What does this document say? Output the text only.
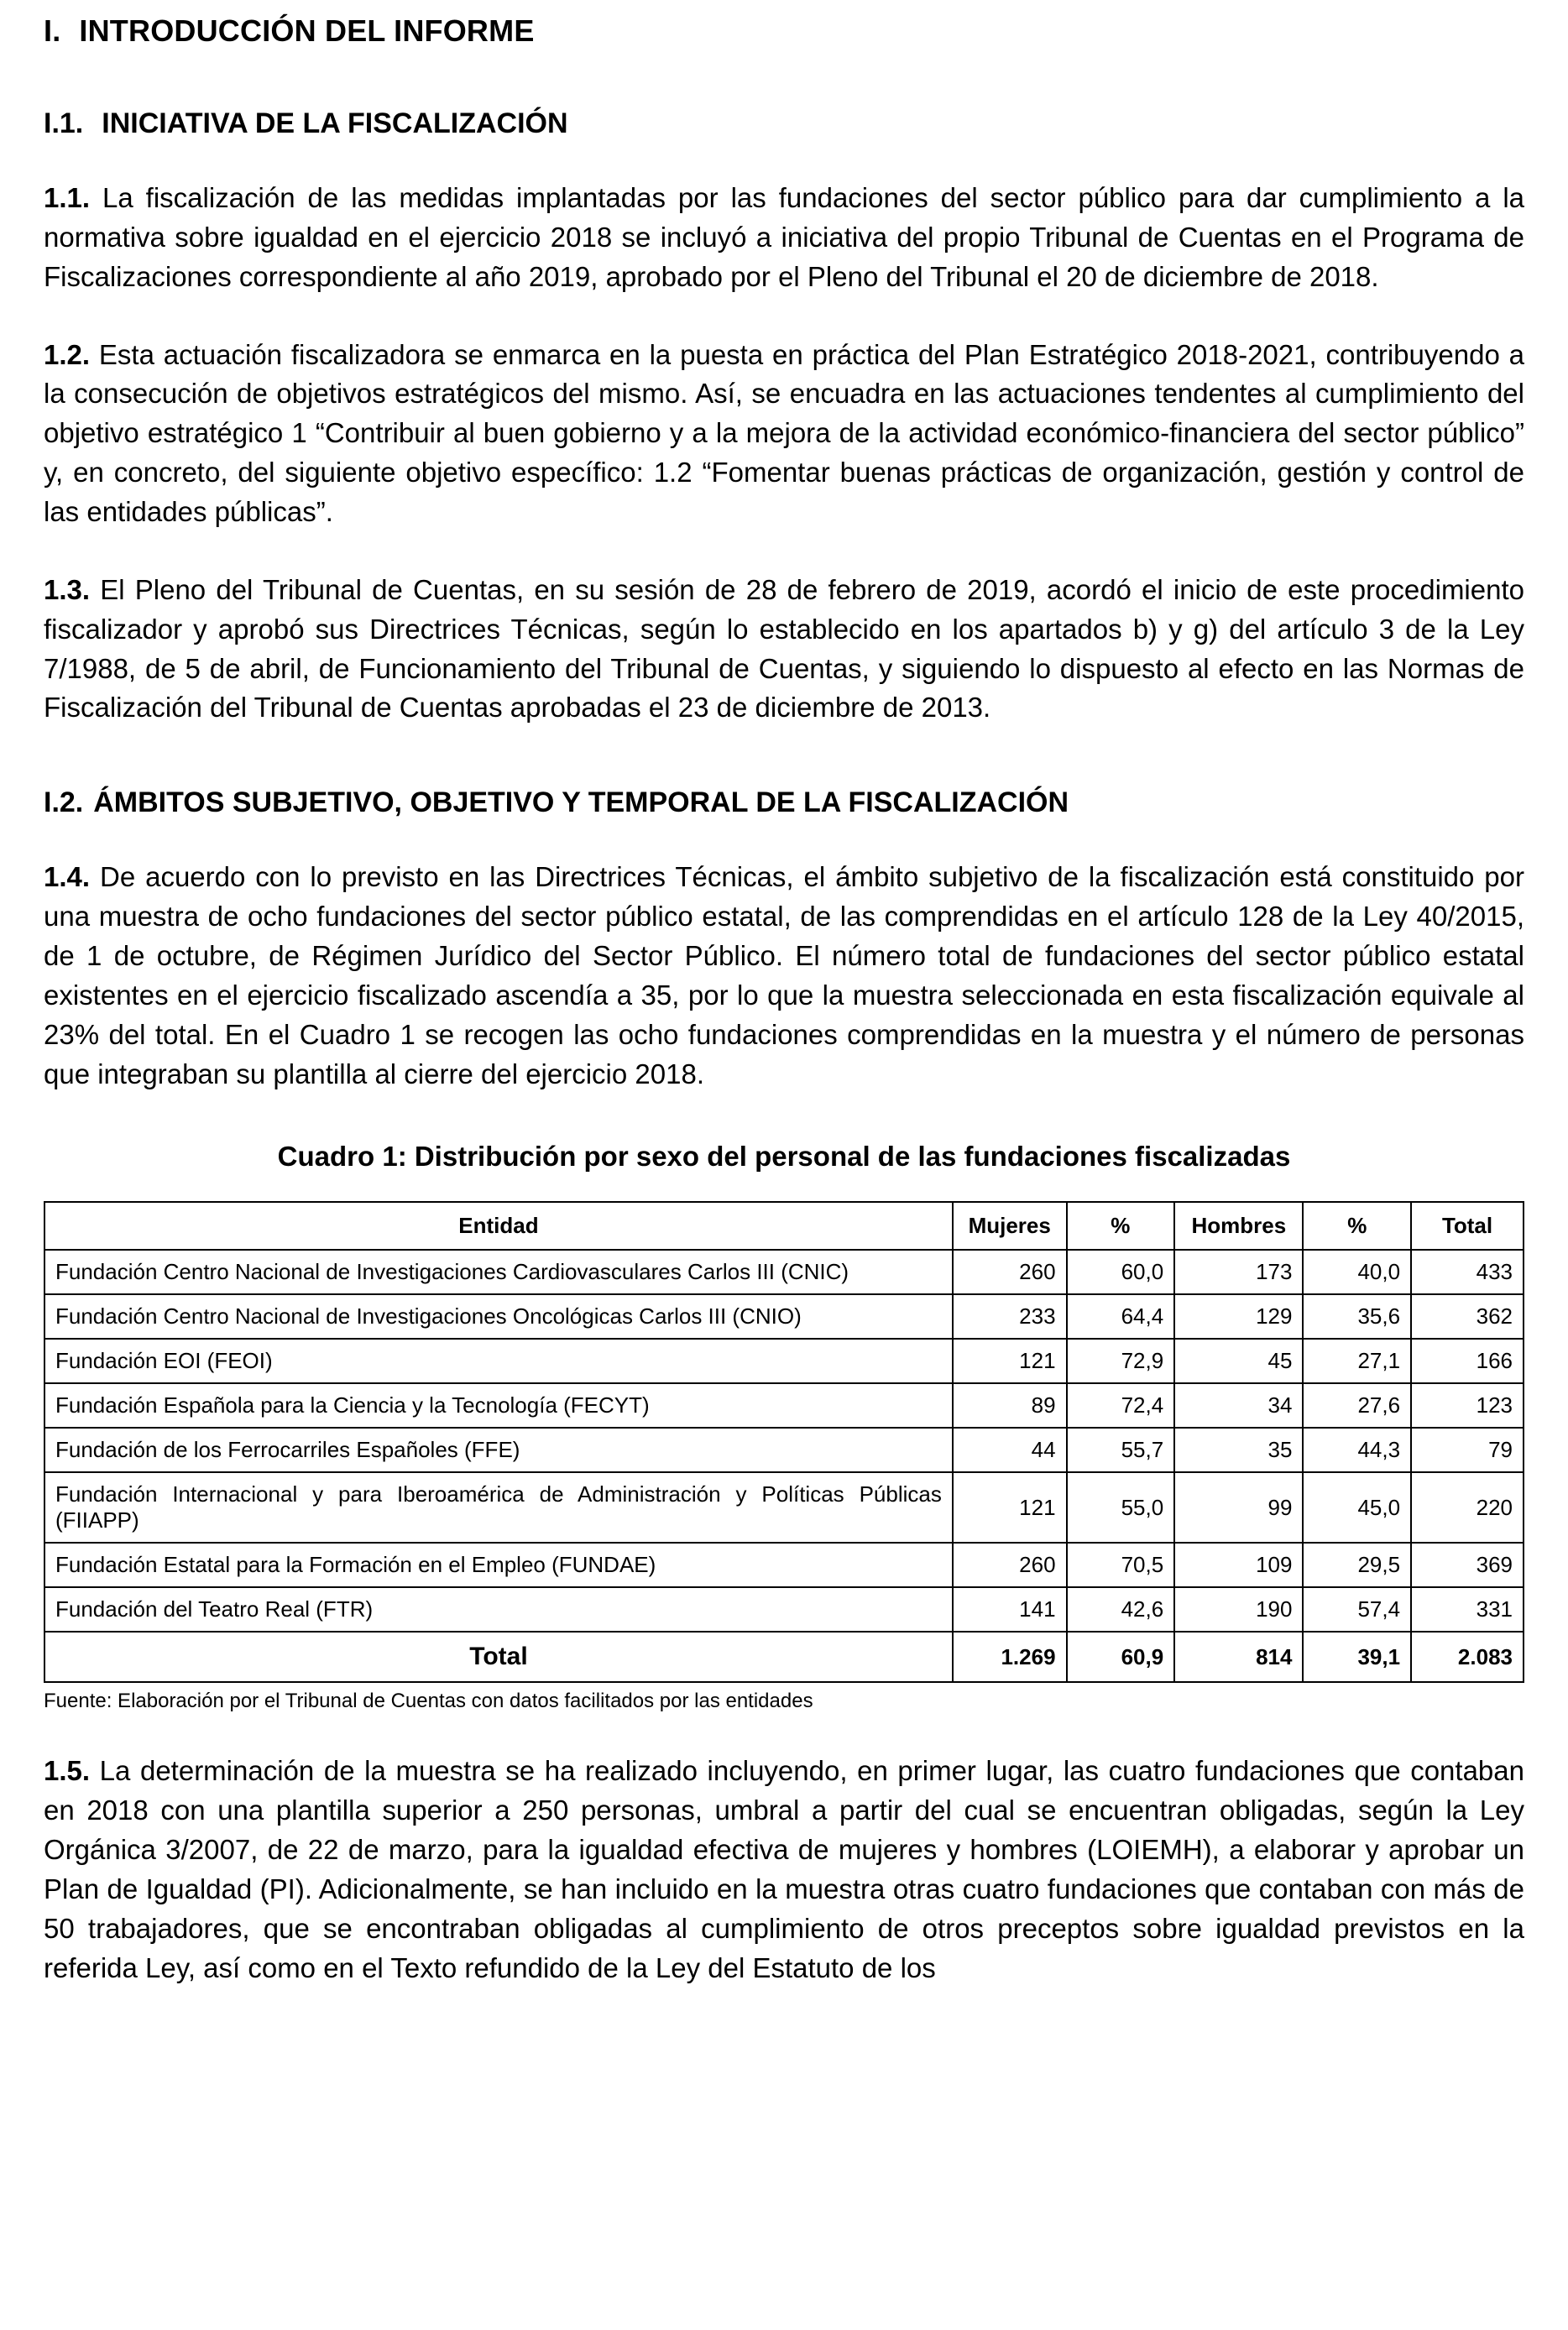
I. INTRODUCCIÓN DEL INFORME
I.1. INICIATIVA DE LA FISCALIZACIÓN

1.1. La fiscalización de las medidas implantadas por las fundaciones del sector público para dar cumplimiento a la normativa sobre igualdad en el ejercicio 2018 se incluyó a iniciativa del propio Tribunal de Cuentas en el Programa de Fiscalizaciones correspondiente al año 2019, aprobado por el Pleno del Tribunal el 20 de diciembre de 2018.

1.2. Esta actuación fiscalizadora se enmarca en la puesta en práctica del Plan Estratégico 2018-2021, contribuyendo a la consecución de objetivos estratégicos del mismo. Así, se encuadra en las actuaciones tendentes al cumplimiento del objetivo estratégico 1 “Contribuir al buen gobierno y a la mejora de la actividad económico-financiera del sector público” y, en concreto, del siguiente objetivo específico: 1.2 “Fomentar buenas prácticas de organización, gestión y control de las entidades públicas”.

1.3. El Pleno del Tribunal de Cuentas, en su sesión de 28 de febrero de 2019, acordó el inicio de este procedimiento fiscalizador y aprobó sus Directrices Técnicas, según lo establecido en los apartados b) y g) del artículo 3 de la Ley 7/1988, de 5 de abril, de Funcionamiento del Tribunal de Cuentas, y siguiendo lo dispuesto al efecto en las Normas de Fiscalización del Tribunal de Cuentas aprobadas el 23 de diciembre de 2013.

I.2. ÁMBITOS SUBJETIVO, OBJETIVO Y TEMPORAL DE LA FISCALIZACIÓN

1.4. De acuerdo con lo previsto en las Directrices Técnicas, el ámbito subjetivo de la fiscalización está constituido por una muestra de ocho fundaciones del sector público estatal, de las comprendidas en el artículo 128 de la Ley 40/2015, de 1 de octubre, de Régimen Jurídico del Sector Público. El número total de fundaciones del sector público estatal existentes en el ejercicio fiscalizado ascendía a 35, por lo que la muestra seleccionada en esta fiscalización equivale al 23% del total. En el Cuadro 1 se recogen las ocho fundaciones comprendidas en la muestra y el número de personas que integraban su plantilla al cierre del ejercicio 2018.

Cuadro 1: Distribución por sexo del personal de las fundaciones fiscalizadas
Entidad	Mujeres	%	Hombres	%	Total
Fundación Centro Nacional de Investigaciones Cardiovasculares Carlos III (CNIC)	260	60,0	173	40,0	433
Fundación Centro Nacional de Investigaciones Oncológicas Carlos III (CNIO)	233	64,4	129	35,6	362
Fundación EOI (FEOI)	121	72,9	45	27,1	166
Fundación Española para la Ciencia y la Tecnología (FECYT)	89	72,4	34	27,6	123
Fundación de los Ferrocarriles Españoles (FFE)	44	55,7	35	44,3	79
Fundación Internacional y para Iberoamérica de Administración y Políticas Públicas (FIIAPP)	121	55,0	99	45,0	220
Fundación Estatal para la Formación en el Empleo (FUNDAE)	260	70,5	109	29,5	369
Fundación del Teatro Real (FTR)	141	42,6	190	57,4	331
Total	1.269	60,9	814	39,1	2.083
Fuente: Elaboración por el Tribunal de Cuentas con datos facilitados por las entidades

1.5. La determinación de la muestra se ha realizado incluyendo, en primer lugar, las cuatro fundaciones que contaban en 2018 con una plantilla superior a 250 personas, umbral a partir del cual se encuentran obligadas, según la Ley Orgánica 3/2007, de 22 de marzo, para la igualdad efectiva de mujeres y hombres (LOIEMH), a elaborar y aprobar un Plan de Igualdad (PI). Adicionalmente, se han incluido en la muestra otras cuatro fundaciones que contaban con más de 50 trabajadores, que se encontraban obligadas al cumplimiento de otros preceptos sobre igualdad previstos en la referida Ley, así como en el Texto refundido de la Ley del Estatuto de los
